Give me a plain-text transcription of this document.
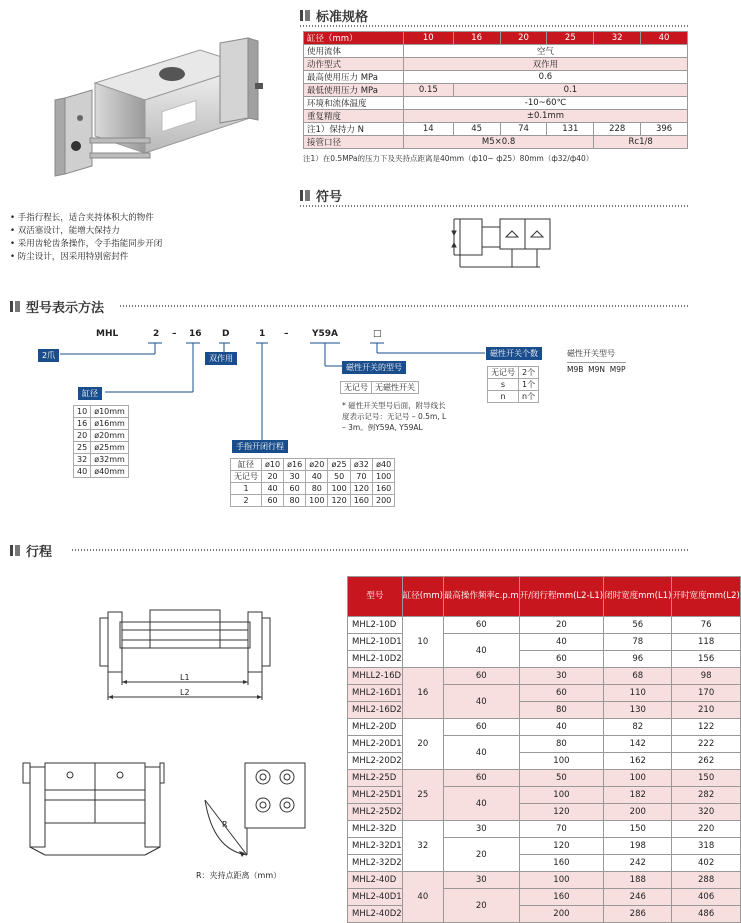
标准规格
缸径（mm）	10	16	20	25	32	40
使用流体	空气					
动作型式	双作用					
最高使用压力 MPa	0.6					
最低使用压力 MPa	0.15	0.1				
环境和流体温度	-10~60℃					
重复精度	±0.1mm					
注1）保持力 N	14	45	74	131	228	396
接管口径	M5×0.8				Rc1/8	
注1）在0.5MPa的压力下及夹持点距离是40mm（ф10~ ф25）80mm（ф32/ф40）
符号
• 手指行程长，适合夹持体积大的物件
• 双活塞设计，能增大保持力
• 采用齿轮齿条操作，令手指能同步开闭
• 防尘设计，因采用特别密封件
型号表示方法
MHL	2 – 16 D	1 –	Y59A	□
2爪
缸径
10	ø10mm
16	ø16mm
20	ø20mm
25	ø25mm
32	ø32mm
40	ø40mm
双作用
手指开闭行程
缸径	ø10	ø16	ø20	ø25	ø32	ø40
无记号	20	30	40	50	70	100
1	40	60	80	100	120	160
2	60	80	100	120	160	200
磁性开关的型号
无记号	无磁性开关
* 磁性开关型号后面，附导线长度表示记号：无记号 – 0.5m, L – 3m。例Y59A, Y59AL
磁性开关个数
无记号	2个
s	1个
n	n个
磁性开关型号
M9B  M9N  M9P
行程
L1
L2
R
R：夹持点距离（mm）
型号	缸径(mm)	最高操作频率c.p.m	开/闭行程mm(L2-L1)	闭时宽度mm(L1)	开时宽度mm(L2)
MHL2-10D	10	60	20	56	76
MHL2-10D1		40	40	78	118
MHL2-10D2			60	96	156
MHLL2-16D	16	60	30	68	98
MHL2-16D1		40	60	110	170
MHL2-16D2			80	130	210
MHL2-20D	20	60	40	82	122
MHL2-20D1		40	80	142	222
MHL2-20D2			100	162	262
MHL2-25D	25	60	50	100	150
MHL2-25D1		40	100	182	282
MHL2-25D2			120	200	320
MHL2-32D	32	30	70	150	220
MHL2-32D1		20	120	198	318
MHL2-32D2			160	242	402
MHL2-40D	40	30	100	188	288
MHL2-40D1		20	160	246	406
MHL2-40D2			200	286	486
